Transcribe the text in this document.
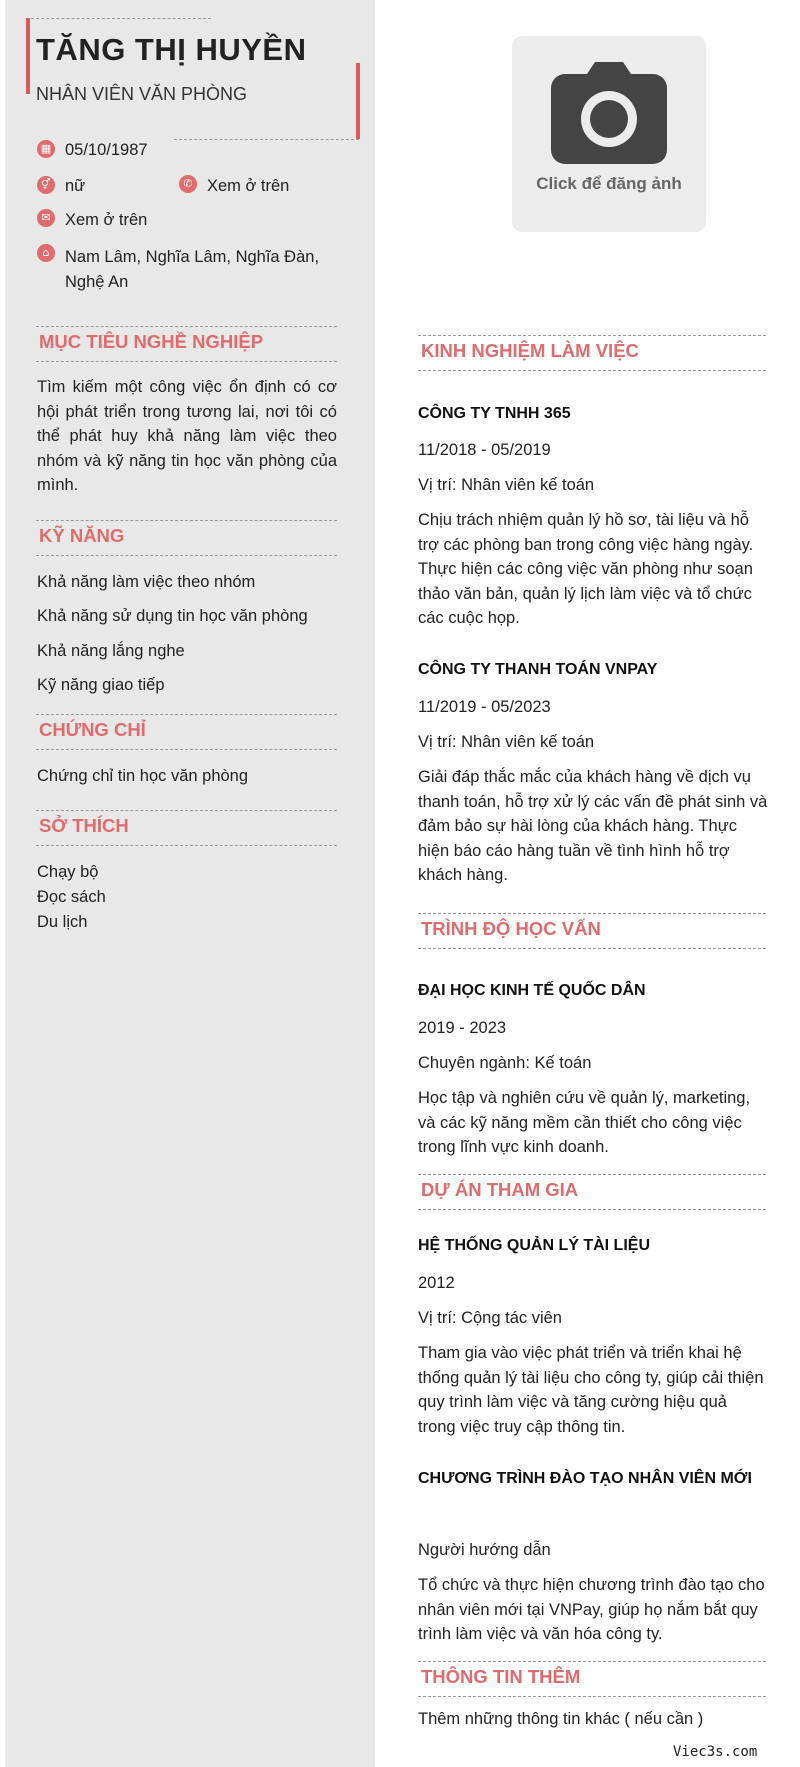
TĂNG THỊ HUYỀN
NHÂN VIÊN VĂN PHÒNG
▦ 05/10/1987
⚥ nữ	✆ Xem ở trên
✉ Xem ở trên
⌂ Nam Lâm, Nghĩa Lâm, Nghĩa Đàn,
Nghệ An
MỤC TIÊU NGHỀ NGHIỆP
Tìm kiếm một công việc ổn định có cơ hội phát triển trong tương lai, nơi tôi có thể phát huy khả năng làm việc theo nhóm và kỹ năng tin học văn phòng của mình.
KỸ NĂNG
Khả năng làm việc theo nhóm
Khả năng sử dụng tin học văn phòng
Khả năng lắng nghe
Kỹ năng giao tiếp
CHỨNG CHỈ
Chứng chỉ tin học văn phòng
SỞ THÍCH
Chạy bộ
Đọc sách
Du lịch
Click để đăng ảnh
KINH NGHIỆM LÀM VIỆC
CÔNG TY TNHH 365
11/2018 - 05/2019
Vị trí: Nhân viên kế toán
Chịu trách nhiệm quản lý hồ sơ, tài liệu và hỗ trợ các phòng ban trong công việc hàng ngày. Thực hiện các công việc văn phòng như soạn thảo văn bản, quản lý lịch làm việc và tổ chức các cuộc họp.
CÔNG TY THANH TOÁN VNPAY
11/2019 - 05/2023
Vị trí: Nhân viên kế toán
Giải đáp thắc mắc của khách hàng về dịch vụ thanh toán, hỗ trợ xử lý các vấn đề phát sinh và đảm bảo sự hài lòng của khách hàng. Thực hiện báo cáo hàng tuần về tình hình hỗ trợ khách hàng.
TRÌNH ĐỘ HỌC VẤN
ĐẠI HỌC KINH TẾ QUỐC DÂN
2019 - 2023
Chuyên ngành: Kế toán
Học tập và nghiên cứu về quản lý, marketing, và các kỹ năng mềm cần thiết cho công việc trong lĩnh vực kinh doanh.
DỰ ÁN THAM GIA
HỆ THỐNG QUẢN LÝ TÀI LIỆU
2012
Vị trí: Cộng tác viên
Tham gia vào việc phát triển và triển khai hệ thống quản lý tài liệu cho công ty, giúp cải thiện quy trình làm việc và tăng cường hiệu quả trong việc truy cập thông tin.
CHƯƠNG TRÌNH ĐÀO TẠO NHÂN VIÊN MỚI
Người hướng dẫn
Tổ chức và thực hiện chương trình đào tạo cho nhân viên mới tại VNPay, giúp họ nắm bắt quy trình làm việc và văn hóa công ty.
THÔNG TIN THÊM
Thêm những thông tin khác ( nếu cần )
Viec3s.com
